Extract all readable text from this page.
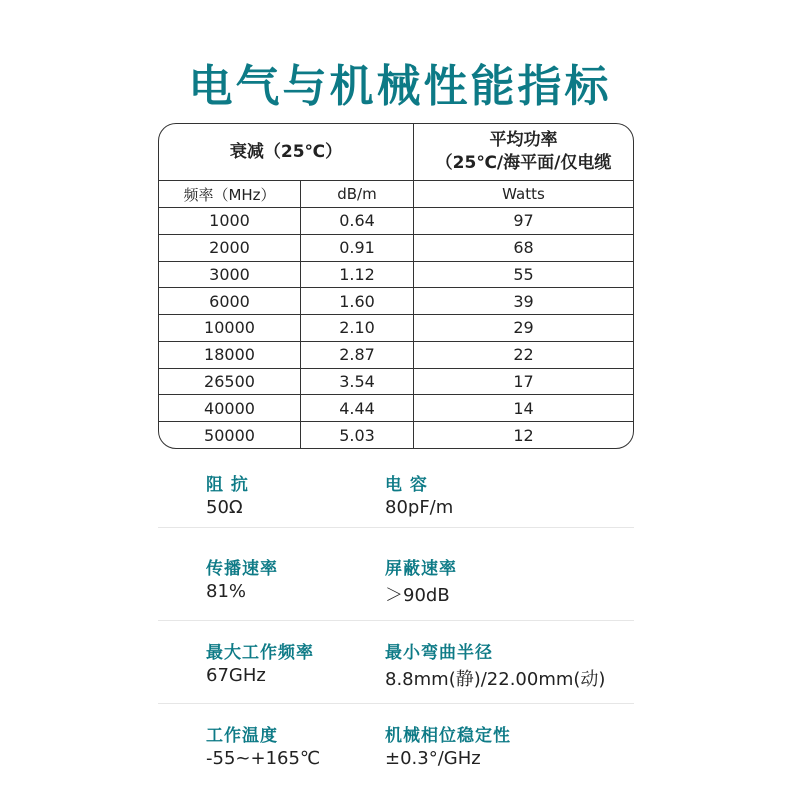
电气与机械性能指标
衰减（25℃）		平均功率
（25℃/海平面/仅电缆
频率（MHz）	dB/m	Watts
1000	0.64	97
2000	0.91	68
3000	1.12	55
6000	1.60	39
10000	2.10	29
18000	2.87	22
26500	3.54	17
40000	4.44	14
50000	5.03	12
阻 抗
50Ω
电 容
80pF/m
传播速率
81%
屏蔽速率
＞90dB
最大工作频率
67GHz
最小弯曲半径
8.8mm(静)/22.00mm(动)
工作温度
-55~+165℃
机械相位稳定性
±0.3°/GHz
